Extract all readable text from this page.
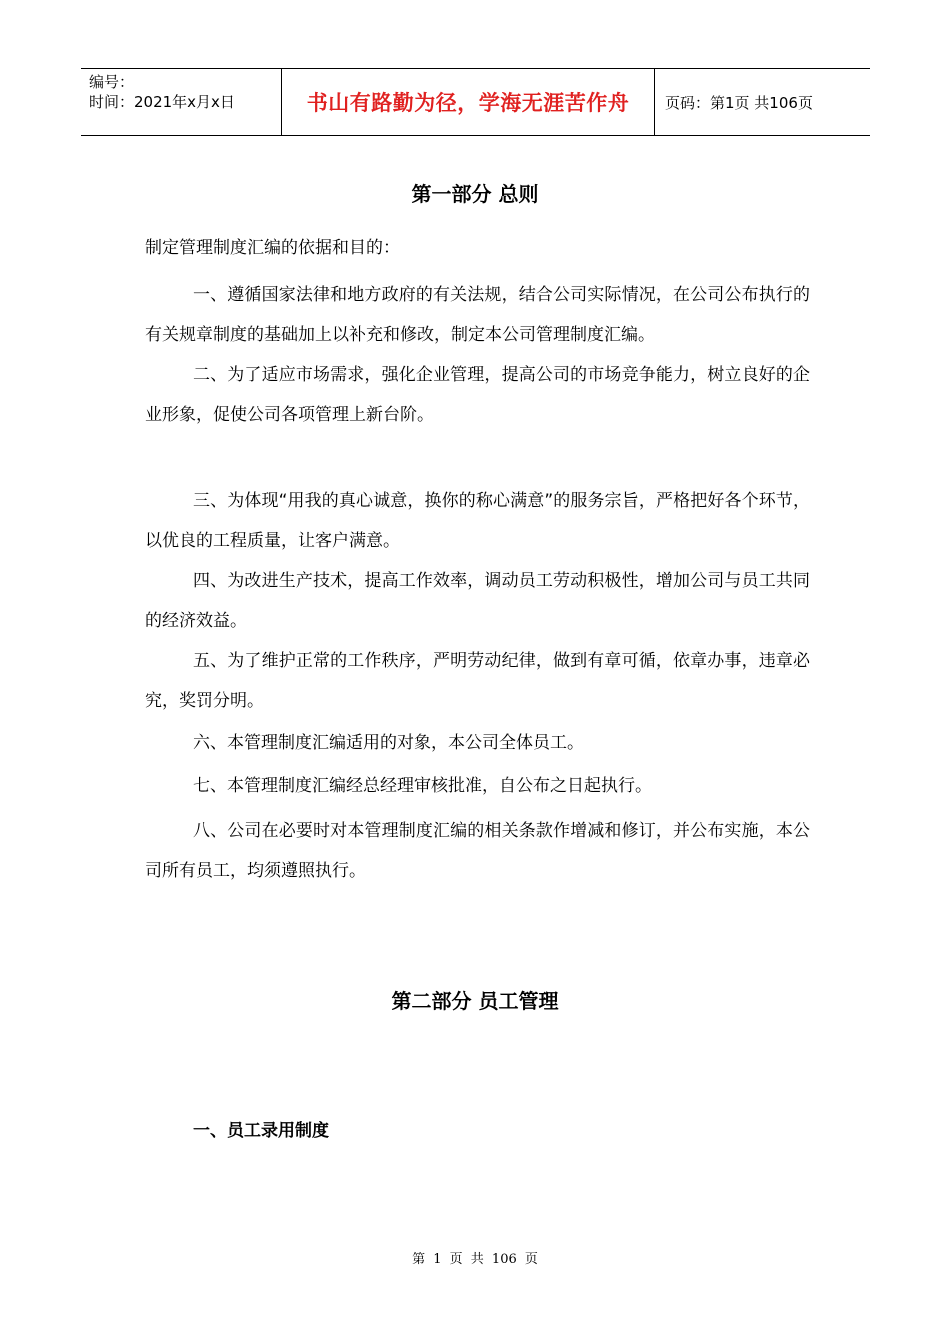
编号：
时间：2021年x月x日	书山有路勤为径，学海无涯苦作舟 页码：第1页 共106页
第一部分 总则

制定管理制度汇编的依据和目的：

一、遵循国家法律和地方政府的有关法规，结合公司实际情况，在公司公布执行的有关规章制度的基础加上以补充和修改，制定本公司管理制度汇编。

二、为了适应市场需求，强化企业管理，提高公司的市场竞争能力，树立良好的企业形象，促使公司各项管理上新台阶。

三、为体现“用我的真心诚意，换你的称心满意”的服务宗旨，严格把好各个环节，以优良的工程质量，让客户满意。

四、为改进生产技术，提高工作效率，调动员工劳动积极性，增加公司与员工共同的经济效益。

五、为了维护正常的工作秩序，严明劳动纪律，做到有章可循，依章办事，违章必究，奖罚分明。

六、本管理制度汇编适用的对象，本公司全体员工。

七、本管理制度汇编经总经理审核批准，自公布之日起执行。

八、公司在必要时对本管理制度汇编的相关条款作增减和修订，并公布实施，本公司所有员工，均须遵照执行。

第二部分 员工管理
一、员工录用制度
第 1 页 共 106 页
